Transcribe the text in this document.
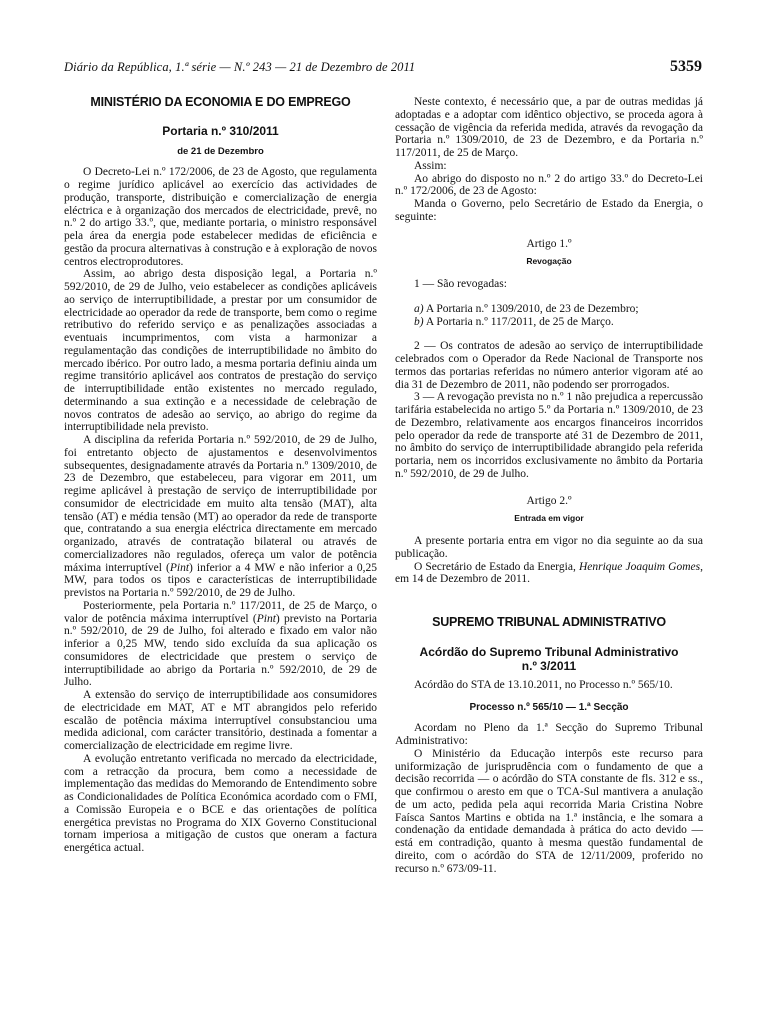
Diário da República, 1.ª série — N.º 243 — 21 de Dezembro de 2011	5359
MINISTÉRIO DA ECONOMIA E DO EMPREGO
Portaria n.º 310/2011
de 21 de Dezembro

O Decreto-Lei n.º 172/2006, de 23 de Agosto, que regulamenta o regime jurídico aplicável ao exercício das actividades de produção, transporte, distribuição e comercialização de energia eléctrica e à organização dos mercados de electricidade, prevê, no n.º 2 do artigo 33.º, que, mediante portaria, o ministro responsável pela área da energia pode estabelecer medidas de eficiência e gestão da procura alternativas à construção e à exploração de novos centros electroprodutores.

Assim, ao abrigo desta disposição legal, a Portaria n.º 592/2010, de 29 de Julho, veio estabelecer as condições aplicáveis ao serviço de interruptibilidade, a prestar por um consumidor de electricidade ao operador da rede de transporte, bem como o regime retributivo do referido serviço e as penalizações associadas a eventuais incumprimentos, com vista a harmonizar a regulamentação das condições de interruptibilidade no âmbito do mercado ibérico. Por outro lado, a mesma portaria definiu ainda um regime transitório aplicável aos contratos de prestação do serviço de interruptibilidade então existentes no mercado regulado, determinando a sua extinção e a necessidade de celebração de novos contratos de adesão ao serviço, ao abrigo do regime da interruptibilidade nela previsto.

A disciplina da referida Portaria n.º 592/2010, de 29 de Julho, foi entretanto objecto de ajustamentos e desenvolvimentos subsequentes, designadamente através da Portaria n.º 1309/2010, de 23 de Dezembro, que estabeleceu, para vigorar em 2011, um regime aplicável à prestação de serviço de interruptibilidade por consumidor de electricidade em muito alta tensão (MAT), alta tensão (AT) e média tensão (MT) ao operador da rede de transporte que, contratando a sua energia eléctrica directamente em mercado organizado, através de contratação bilateral ou através de comercializadores não regulados, ofereça um valor de potência máxima interruptível (Pint) inferior a 4 MW e não inferior a 0,25 MW, para todos os tipos e características de interruptibilidade previstos na Portaria n.º 592/2010, de 29 de Julho.

Posteriormente, pela Portaria n.º 117/2011, de 25 de Março, o valor de potência máxima interruptível (Pint) previsto na Portaria n.º 592/2010, de 29 de Julho, foi alterado e fixado em valor não inferior a 0,25 MW, tendo sido excluída da sua aplicação os consumidores de electricidade que prestem o serviço de interruptibilidade ao abrigo da Portaria n.º 592/2010, de 29 de Julho.

A extensão do serviço de interruptibilidade aos consumidores de electricidade em MAT, AT e MT abrangidos pelo referido escalão de potência máxima interruptível consubstanciou uma medida adicional, com carácter transitório, destinada a fomentar a comercialização de electricidade em regime livre.

A evolução entretanto verificada no mercado da electricidade, com a retracção da procura, bem como a necessidade de implementação das medidas do Memorando de Entendimento sobre as Condicionalidades de Política Económica acordado com o FMI, a Comissão Europeia e o BCE e das orientações de política energética previstas no Programa do XIX Governo Constitucional tornam imperiosa a mitigação de custos que oneram a factura energética actual.

Neste contexto, é necessário que, a par de outras medidas já adoptadas e a adoptar com idêntico objectivo, se proceda agora à cessação de vigência da referida medida, através da revogação da Portaria n.º 1309/2010, de 23 de Dezembro, e da Portaria n.º 117/2011, de 25 de Março.

Assim:

Ao abrigo do disposto no n.º 2 do artigo 33.º do Decreto-Lei n.º 172/2006, de 23 de Agosto:

Manda o Governo, pelo Secretário de Estado da Energia, o seguinte:

Artigo 1.º
Revogação

1 — São revogadas:

a) A Portaria n.º 1309/2010, de 23 de Dezembro;

b) A Portaria n.º 117/2011, de 25 de Março.

2 — Os contratos de adesão ao serviço de interruptibilidade celebrados com o Operador da Rede Nacional de Transporte nos termos das portarias referidas no número anterior vigoram até ao dia 31 de Dezembro de 2011, não podendo ser prorrogados.

3 — A revogação prevista no n.º 1 não prejudica a repercussão tarifária estabelecida no artigo 5.º da Portaria n.º 1309/2010, de 23 de Dezembro, relativamente aos encargos financeiros incorridos pelo operador da rede de transporte até 31 de Dezembro de 2011, no âmbito do serviço de interruptibilidade abrangido pela referida portaria, nem os incorridos exclusivamente no âmbito da Portaria n.º 592/2010, de 29 de Julho.

Artigo 2.º
Entrada em vigor

A presente portaria entra em vigor no dia seguinte ao da sua publicação.

O Secretário de Estado da Energia, Henrique Joaquim Gomes, em 14 de Dezembro de 2011.

SUPREMO TRIBUNAL ADMINISTRATIVO
Acórdão do Supremo Tribunal Administrativo
n.º 3/2011

Acórdão do STA de 13.10.2011, no Processo n.º 565/10.

Processo n.º 565/10 — 1.ª Secção

Acordam no Pleno da 1.ª Secção do Supremo Tribunal Administrativo:

O Ministério da Educação interpôs este recurso para uniformização de jurisprudência com o fundamento de que a decisão recorrida — o acórdão do STA constante de fls. 312 e ss., que confirmou o aresto em que o TCA-Sul mantivera a anulação de um acto, pedida pela aqui recorrida Maria Cristina Nobre Faísca Santos Martins e obtida na 1.ª instância, e lhe somara a condenação da entidade demandada à prática do acto devido — está em contradição, quanto à mesma questão fundamental de direito, com o acórdão do STA de 12/11/2009, proferido no recurso n.º 673/09-11.
